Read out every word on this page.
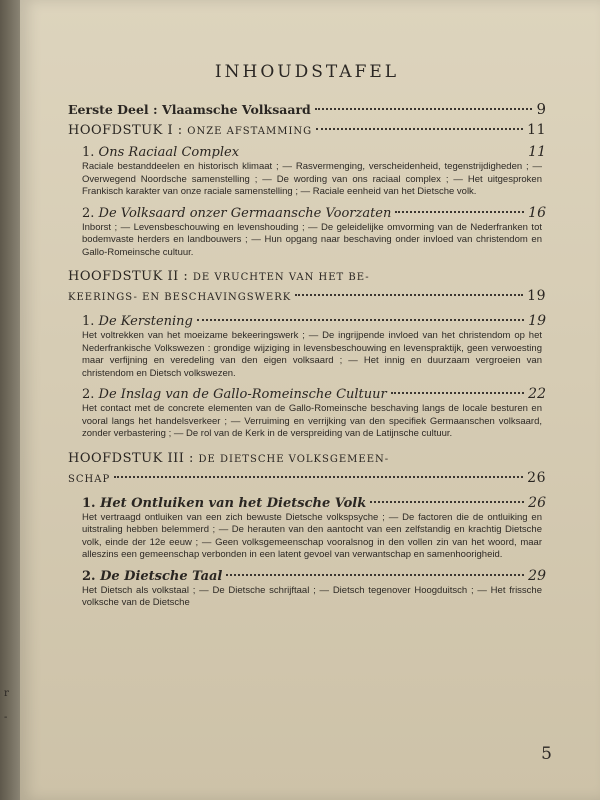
r
-
INHOUDSTAFEL
Eerste Deel : Vlaamsche Volksaard	9
HOOFDSTUK I : ONZE AFSTAMMING	11
1. Ons Raciaal Complex	11

Raciale bestanddeelen en historisch klimaat ; — Rasvermenging, verscheidenheid, tegenstrijdigheden ; — Overwegend Noordsche samenstelling ; — De wording van ons raciaal complex ; — Het uitgesproken Frankisch karakter van onze raciale samenstelling ; — Raciale eenheid van het Dietsche volk.

2. De Volksaard onzer Germaansche Voorzaten	16

Inborst ; — Levensbeschouwing en levenshouding ; — De geleidelijke omvorming van de Nederfranken tot bodemvaste herders en landbouwers ; — Hun opgang naar beschaving onder invloed van christendom en Gallo-Romeinsche cultuur.

HOOFDSTUK II : DE VRUCHTEN VAN HET BE-
KEERINGS- EN BESCHAVINGSWERK	19
1. De Kerstening	19

Het voltrekken van het moeizame bekeeringswerk ; — De ingrijpende invloed van het christendom op het Nederfrankische Volkswezen : grondige wijziging in levensbeschouwing en levenspraktijk, geen verwoesting maar verfijning en veredeling van den eigen volksaard ; — Het innig en duurzaam vergroeien van christendom en Dietsch volkswezen.

2. De Inslag van de Gallo-Romeinsche Cultuur	22

Het contact met de concrete elementen van de Gallo-Romeinsche beschaving langs de locale besturen en vooral langs het handelsverkeer ; — Verruiming en verrijking van den speciﬁek Germaanschen volksaard, zonder verbastering ; — De rol van de Kerk in de verspreiding van de Latijnsche cultuur.

HOOFDSTUK III : DE DIETSCHE VOLKSGEMEEN-
SCHAP	26
1. Het Ontluiken van het Dietsche Volk	26

Het vertraagd ontluiken van een zich bewuste Dietsche volkspsyche ; — De factoren die de ontluiking en uitstraling hebben belemmerd ; — De herauten van den aantocht van een zelfstandig en krachtig Dietsche volk, einde der 12e eeuw ; — Geen volksgemeenschap vooralsnog in den vollen zin van het woord, maar alleszins een gemeenschap verbonden in een latent gevoel van verwantschap en samenhoorigheid.

2. De Dietsche Taal	29

Het Dietsch als volkstaal ; — De Dietsche schrijftaal ; — Dietsch tegenover Hoogduitsch ; — Het frissche volksche van de Dietsche

5
